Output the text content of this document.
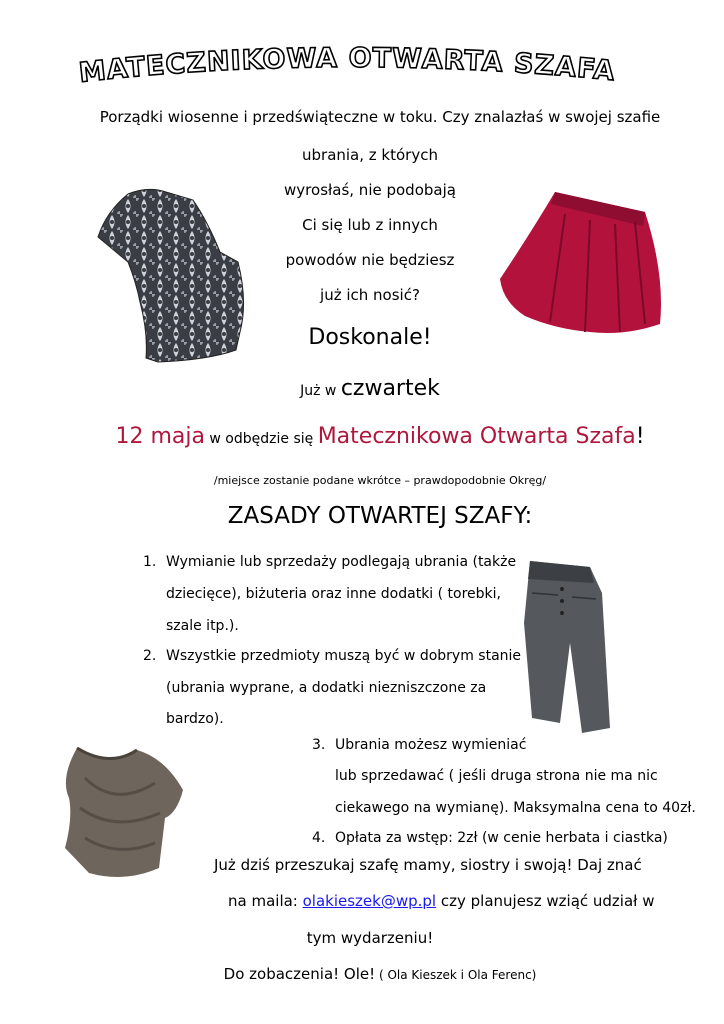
MATECZNIKOWA OTWARTA SZAFA
Porządki wiosenne i przedświąteczne w toku. Czy znalazłaś w swojej szafie
ubrania, z których
wyrosłaś, nie podobają
Ci się lub z innych
powodów nie będziesz
już ich nosić?
Doskonale!
Już w czwartek
12 maja w odbędzie się Matecznikowa Otwarta Szafa!
/miejsce zostanie podane wkrótce – prawdopodobnie Okręg/
ZASADY OTWARTEJ SZAFY:
1. Wymianie lub sprzedaży podlegają ubrania (także
dziecięce), biżuteria oraz inne dodatki ( torebki,
szale itp.).
2. Wszystkie przedmioty muszą być w dobrym stanie
(ubrania wyprane, a dodatki niezniszczone za
bardzo).
3. Ubrania możesz wymieniać
lub sprzedawać ( jeśli druga strona nie ma nic
ciekawego na wymianę). Maksymalna cena to 40zł.
4. Opłata za wstęp: 2zł (w cenie herbata i ciastka)
Już dziś przeszukaj szafę mamy, siostry i swoją! Daj znać
na maila: olakieszek@wp.pl czy planujesz wziąć udział w
tym wydarzeniu!
Do zobaczenia! Ole! ( Ola Kieszek i Ola Ferenc)
